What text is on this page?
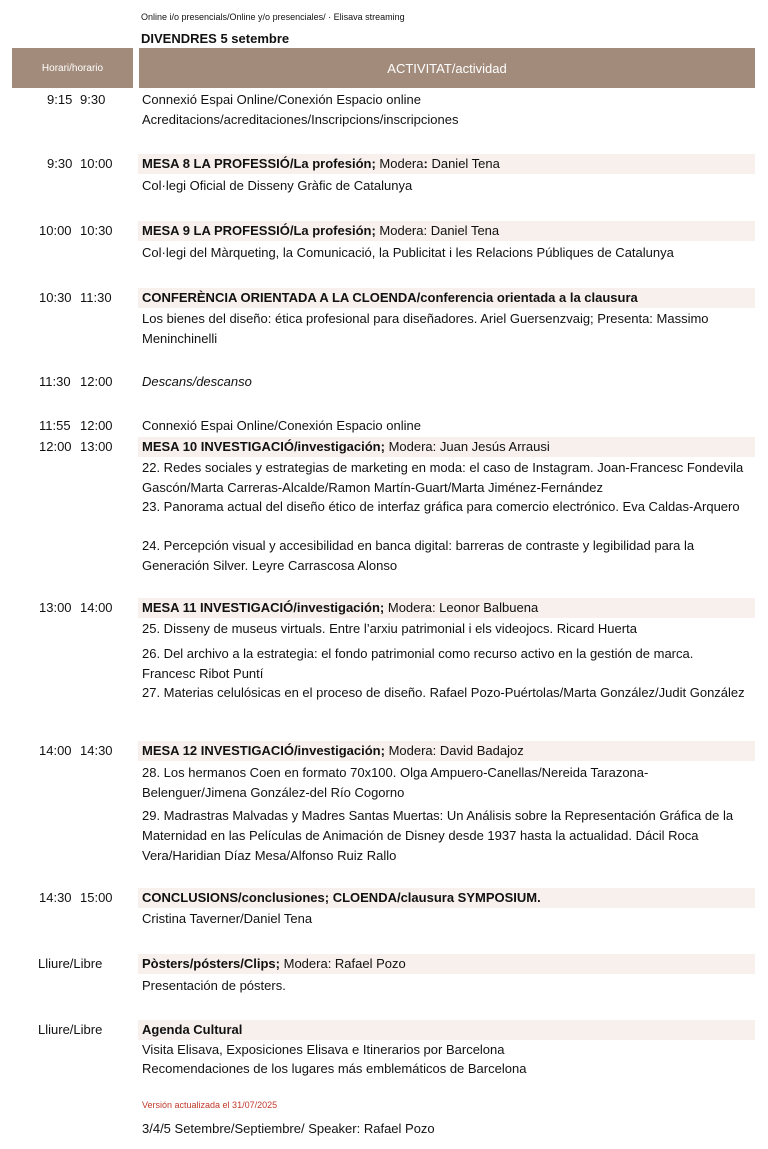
Online i/o presencials/Online y/o presenciales/ · Elisava streaming
DIVENDRES 5 setembre
Horari/horario	ACTIVITAT/actividad
9:15 9:30	Connexió Espai Online/Conexión Espacio online
Acreditacions/acreditaciones/Inscripcions/inscripciones
9:30 10:00 MESA 8 LA PROFESSIÓ/La profesión; Modera: Daniel Tena
Col·legi Oficial de Disseny Gràfic de Catalunya
10:00 10:30 MESA 9 LA PROFESSIÓ/La profesión; Modera: Daniel Tena
Col·legi del Màrqueting, la Comunicació, la Publicitat i les Relacions Públiques de Catalunya
10:30 11:30 CONFERÈNCIA ORIENTADA A LA CLOENDA/conferencia orientada a la clausura
Los bienes del diseño: ética profesional para diseñadores. Ariel Guersenzvaig; Presenta: Massimo Meninchinelli
11:30 12:00 Descans/descanso
11:55 12:00 Connexió Espai Online/Conexión Espacio online
12:00 13:00 MESA 10 INVESTIGACIÓ/investigación; Modera: Juan Jesús Arrausi
22. Redes sociales y estrategias de marketing en moda: el caso de Instagram. Joan-Francesc Fondevila Gascón/Marta Carreras-Alcalde/Ramon Martín-Guart/Marta Jiménez-Fernández
23. Panorama actual del diseño ético de interfaz gráfica para comercio electrónico. Eva Caldas-Arquero
24. Percepción visual y accesibilidad en banca digital: barreras de contraste y legibilidad para la Generación Silver. Leyre Carrascosa Alonso
13:00 14:00 MESA 11 INVESTIGACIÓ/investigación; Modera: Leonor Balbuena
25. Disseny de museus virtuals. Entre l’arxiu patrimonial i els videojocs. Ricard Huerta
26. Del archivo a la estrategia: el fondo patrimonial como recurso activo en la gestión de marca. Francesc Ribot Puntí
27. Materias celulósicas en el proceso de diseño. Rafael Pozo-Puértolas/Marta González/Judit González
14:00 14:30 MESA 12 INVESTIGACIÓ/investigación; Modera: David Badajoz
28. Los hermanos Coen en formato 70x100. Olga Ampuero-Canellas/Nereida Tarazona-Belenguer/Jimena González-del Río Cogorno
29. Madrastras Malvadas y Madres Santas Muertas: Un Análisis sobre la Representación Gráfica de la Maternidad en las Películas de Animación de Disney desde 1937 hasta la actualidad. Dácil Roca Vera/Haridian Díaz Mesa/Alfonso Ruiz Rallo
14:30 15:00 CONCLUSIONS/conclusiones; CLOENDA/clausura SYMPOSIUM.
Cristina Taverner/Daniel Tena
Lliure/Libre	Pòsters/pósters/Clips; Modera: Rafael Pozo
Presentación de pósters.
Lliure/Libre	Agenda Cultural
Visita Elisava, Exposiciones Elisava e Itinerarios por Barcelona
Recomendaciones de los lugares más emblemáticos de Barcelona
Versión actualizada el 31/07/2025
3/4/5 Setembre/Septiembre/ Speaker: Rafael Pozo
